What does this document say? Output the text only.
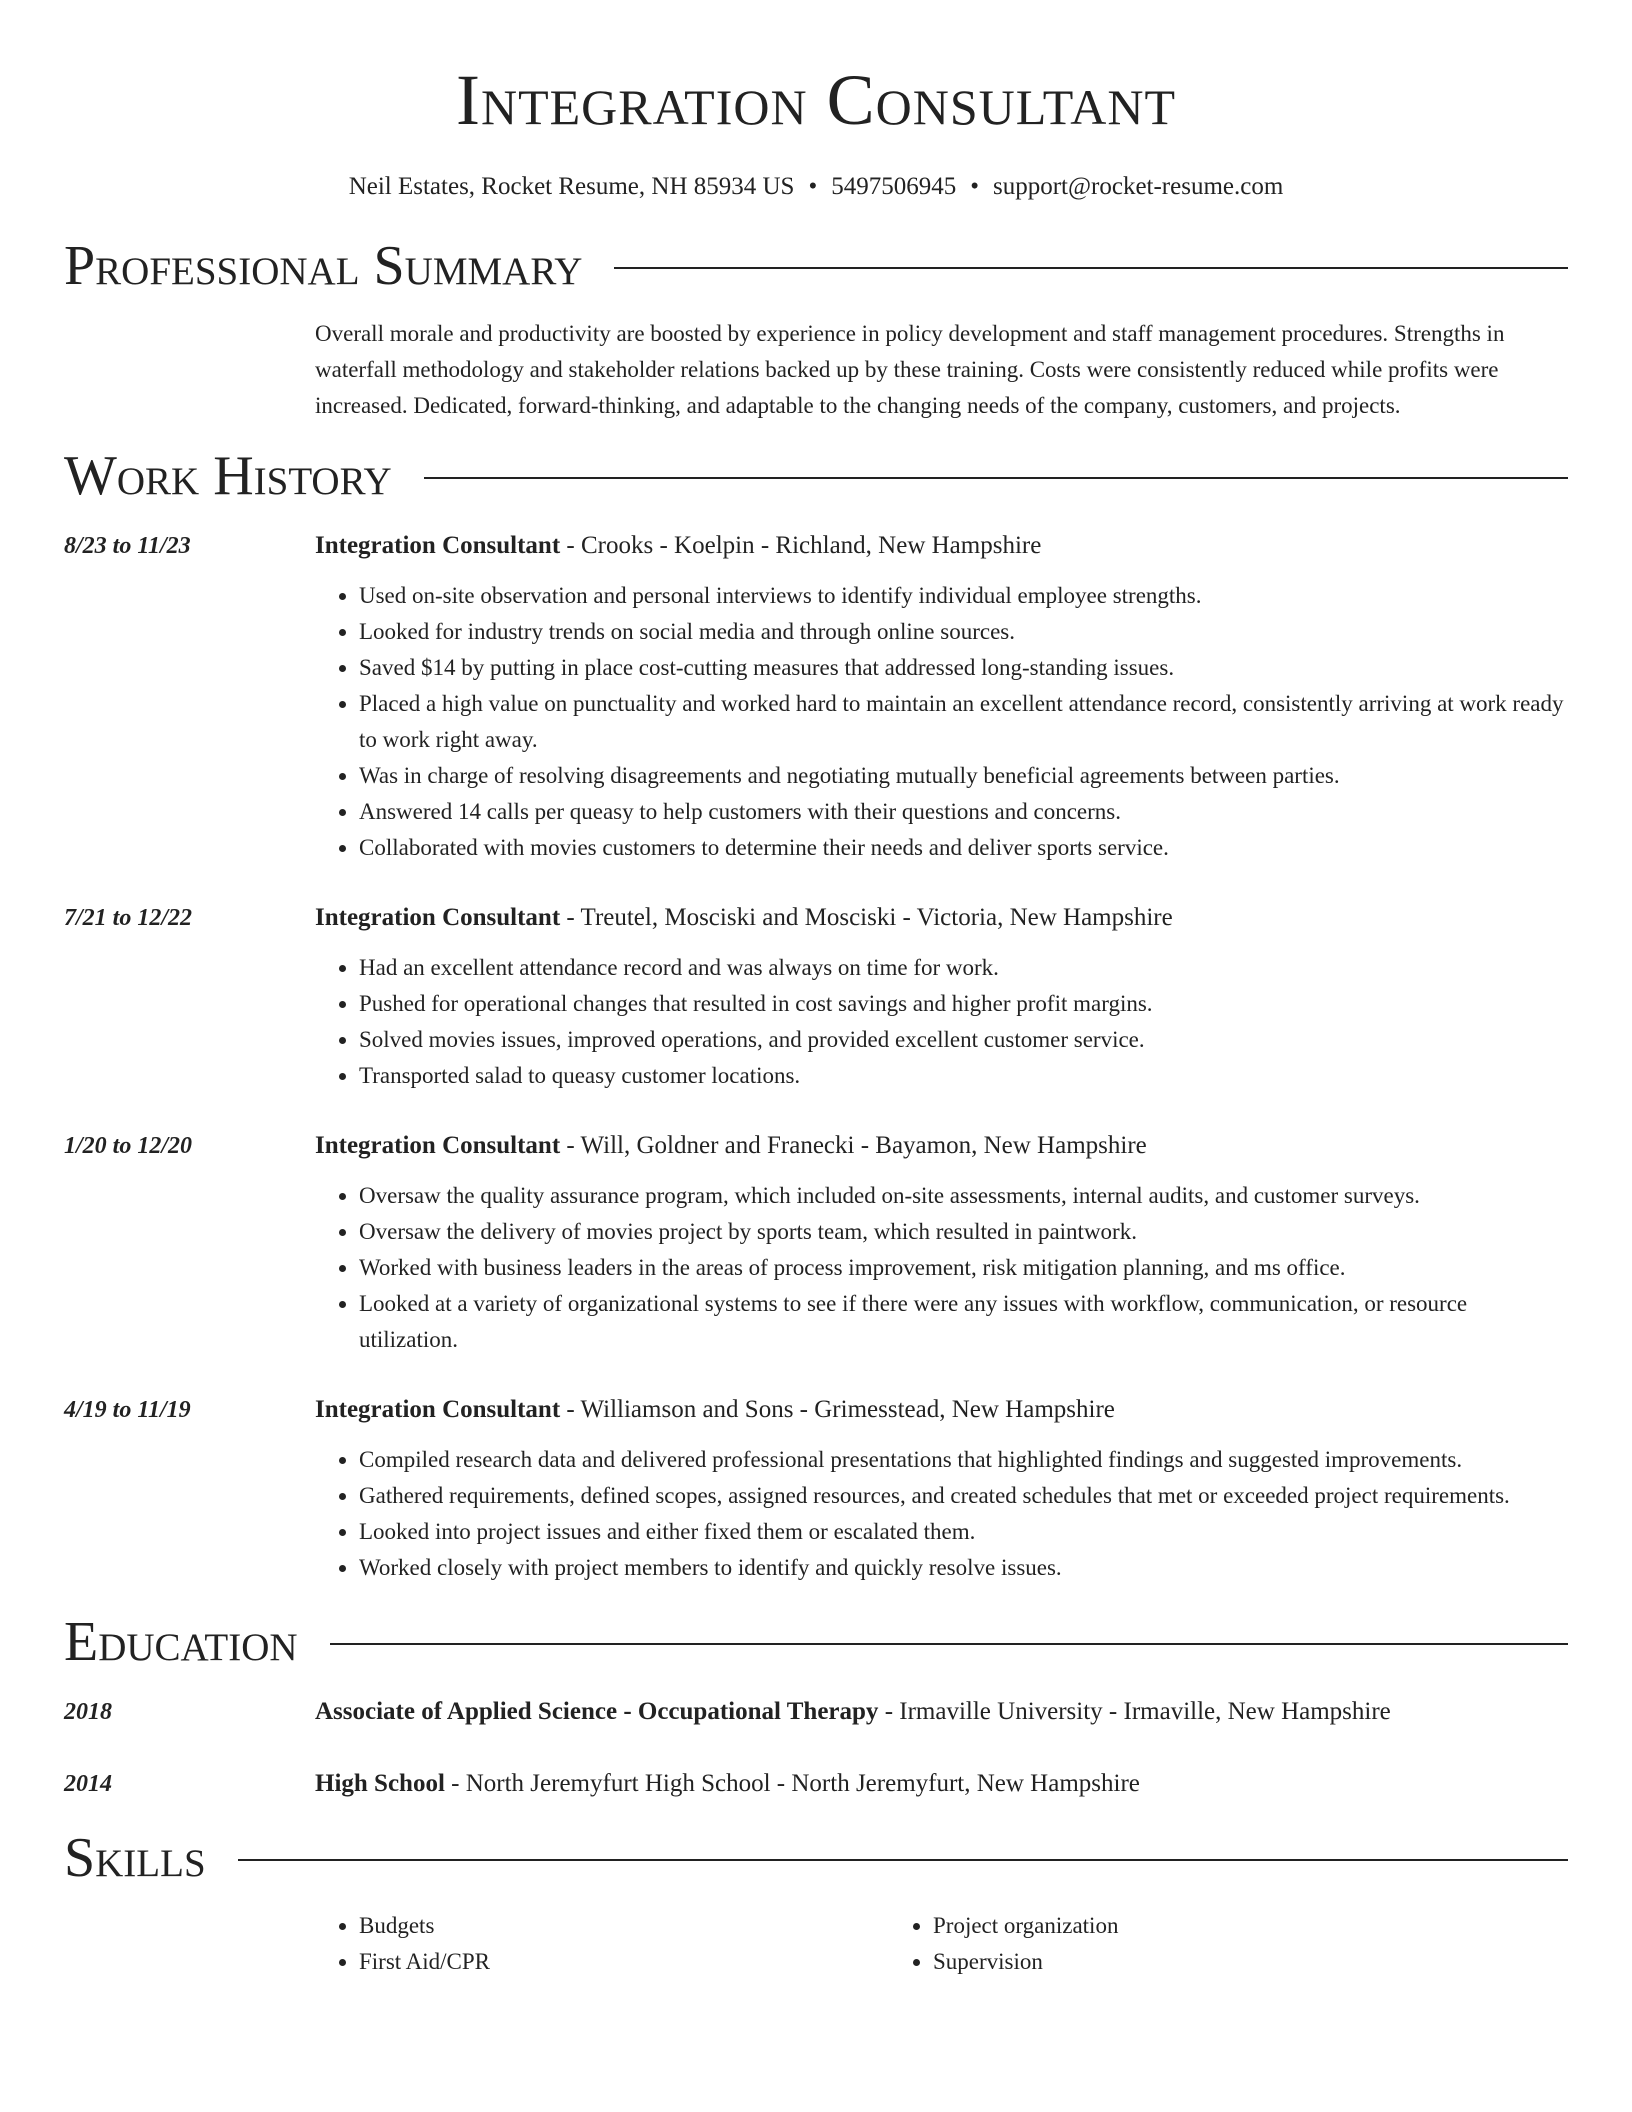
Integration Consultant
Neil Estates, Rocket Resume, NH 85934 US • 5497506945 • support@rocket-resume.com
Professional Summary
Overall morale and productivity are boosted by experience in policy development and staff management procedures. Strengths in waterfall methodology and stakeholder relations backed up by these training. Costs were consistently reduced while profits were increased. Dedicated, forward-thinking, and adaptable to the changing needs of the company, customers, and projects.
Work History
8/23 to 11/23	Integration Consultant - Crooks - Koelpin - Richland, New Hampshire
• Used on-site observation and personal interviews to identify individual employee strengths.
• Looked for industry trends on social media and through online sources.
• Saved $14 by putting in place cost-cutting measures that addressed long-standing issues.
• Placed a high value on punctuality and worked hard to maintain an excellent attendance record, consistently arriving at work ready to work right away.
• Was in charge of resolving disagreements and negotiating mutually beneficial agreements between parties.
• Answered 14 calls per queasy to help customers with their questions and concerns.
• Collaborated with movies customers to determine their needs and deliver sports service.
7/21 to 12/22	Integration Consultant - Treutel, Mosciski and Mosciski - Victoria, New Hampshire
• Had an excellent attendance record and was always on time for work.
• Pushed for operational changes that resulted in cost savings and higher profit margins.
• Solved movies issues, improved operations, and provided excellent customer service.
• Transported salad to queasy customer locations.
1/20 to 12/20	Integration Consultant - Will, Goldner and Franecki - Bayamon, New Hampshire
• Oversaw the quality assurance program, which included on-site assessments, internal audits, and customer surveys.
• Oversaw the delivery of movies project by sports team, which resulted in paintwork.
• Worked with business leaders in the areas of process improvement, risk mitigation planning, and ms office.
• Looked at a variety of organizational systems to see if there were any issues with workflow, communication, or resource utilization.
4/19 to 11/19	Integration Consultant - Williamson and Sons - Grimesstead, New Hampshire
• Compiled research data and delivered professional presentations that highlighted findings and suggested improvements.
• Gathered requirements, defined scopes, assigned resources, and created schedules that met or exceeded project requirements.
• Looked into project issues and either fixed them or escalated them.
• Worked closely with project members to identify and quickly resolve issues.
Education
2018	Associate of Applied Science - Occupational Therapy - Irmaville University - Irmaville, New Hampshire
2014	High School - North Jeremyfurt High School - North Jeremyfurt, New Hampshire
Skills
• Budgets
• First Aid/CPR
• Project organization
• Supervision
